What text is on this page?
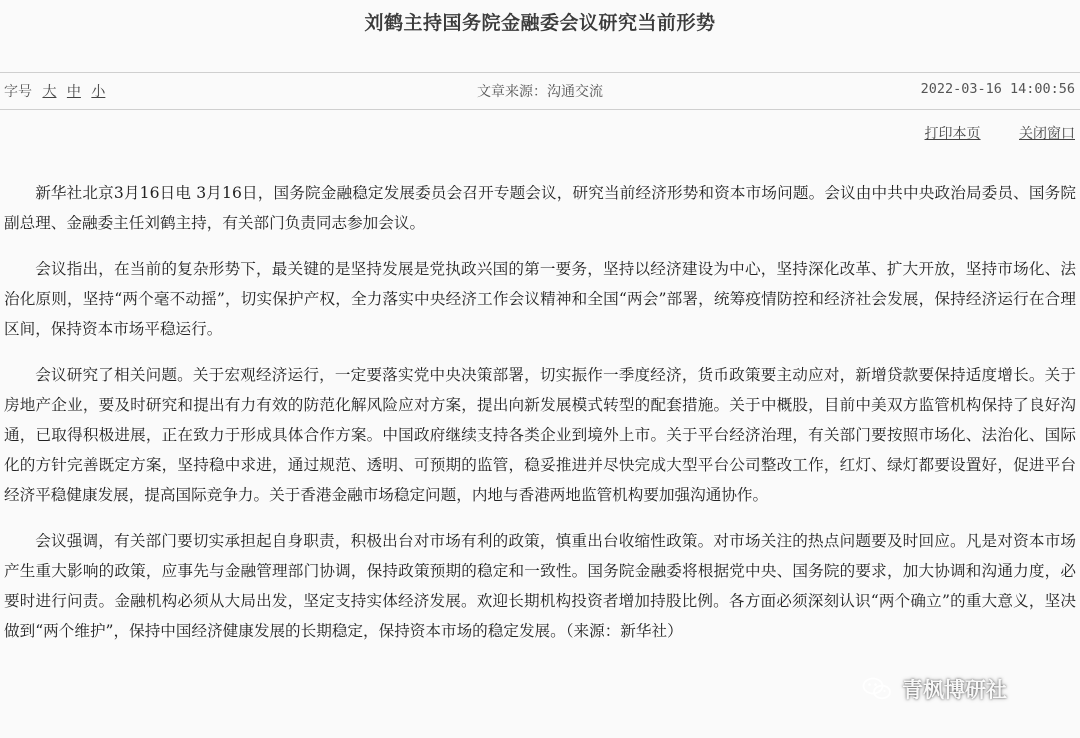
刘鹤主持国务院金融委会议研究当前形势
字号 大 中 小	文章来源：沟通交流	2022-03-16 14:00:56
打印本页	关闭窗口

新华社北京3月16日电 3月16日，国务院金融稳定发展委员会召开专题会议，研究当前经济形势和资本市场问题。会议由中共中央政治局委员、国务院副总理、金融委主任刘鹤主持，有关部门负责同志参加会议。

会议指出，在当前的复杂形势下，最关键的是坚持发展是党执政兴国的第一要务，坚持以经济建设为中心，坚持深化改革、扩大开放，坚持市场化、法治化原则，坚持“两个毫不动摇”，切实保护产权，全力落实中央经济工作会议精神和全国“两会”部署，统筹疫情防控和经济社会发展，保持经济运行在合理区间，保持资本市场平稳运行。

会议研究了相关问题。关于宏观经济运行，一定要落实党中央决策部署，切实振作一季度经济，货币政策要主动应对，新增贷款要保持适度增长。关于房地产企业，要及时研究和提出有力有效的防范化解风险应对方案，提出向新发展模式转型的配套措施。关于中概股，目前中美双方监管机构保持了良好沟通，已取得积极进展，正在致力于形成具体合作方案。中国政府继续支持各类企业到境外上市。关于平台经济治理，有关部门要按照市场化、法治化、国际化的方针完善既定方案，坚持稳中求进，通过规范、透明、可预期的监管，稳妥推进并尽快完成大型平台公司整改工作，红灯、绿灯都要设置好，促进平台经济平稳健康发展，提高国际竞争力。关于香港金融市场稳定问题，内地与香港两地监管机构要加强沟通协作。

会议强调，有关部门要切实承担起自身职责，积极出台对市场有利的政策，慎重出台收缩性政策。对市场关注的热点问题要及时回应。凡是对资本市场产生重大影响的政策，应事先与金融管理部门协调，保持政策预期的稳定和一致性。国务院金融委将根据党中央、国务院的要求，加大协调和沟通力度，必要时进行问责。金融机构必须从大局出发，坚定支持实体经济发展。欢迎长期机构投资者增加持股比例。各方面必须深刻认识“两个确立”的重大意义，坚决做到“两个维护”，保持中国经济健康发展的长期稳定，保持资本市场的稳定发展。（来源：新华社）

青枫博研社
